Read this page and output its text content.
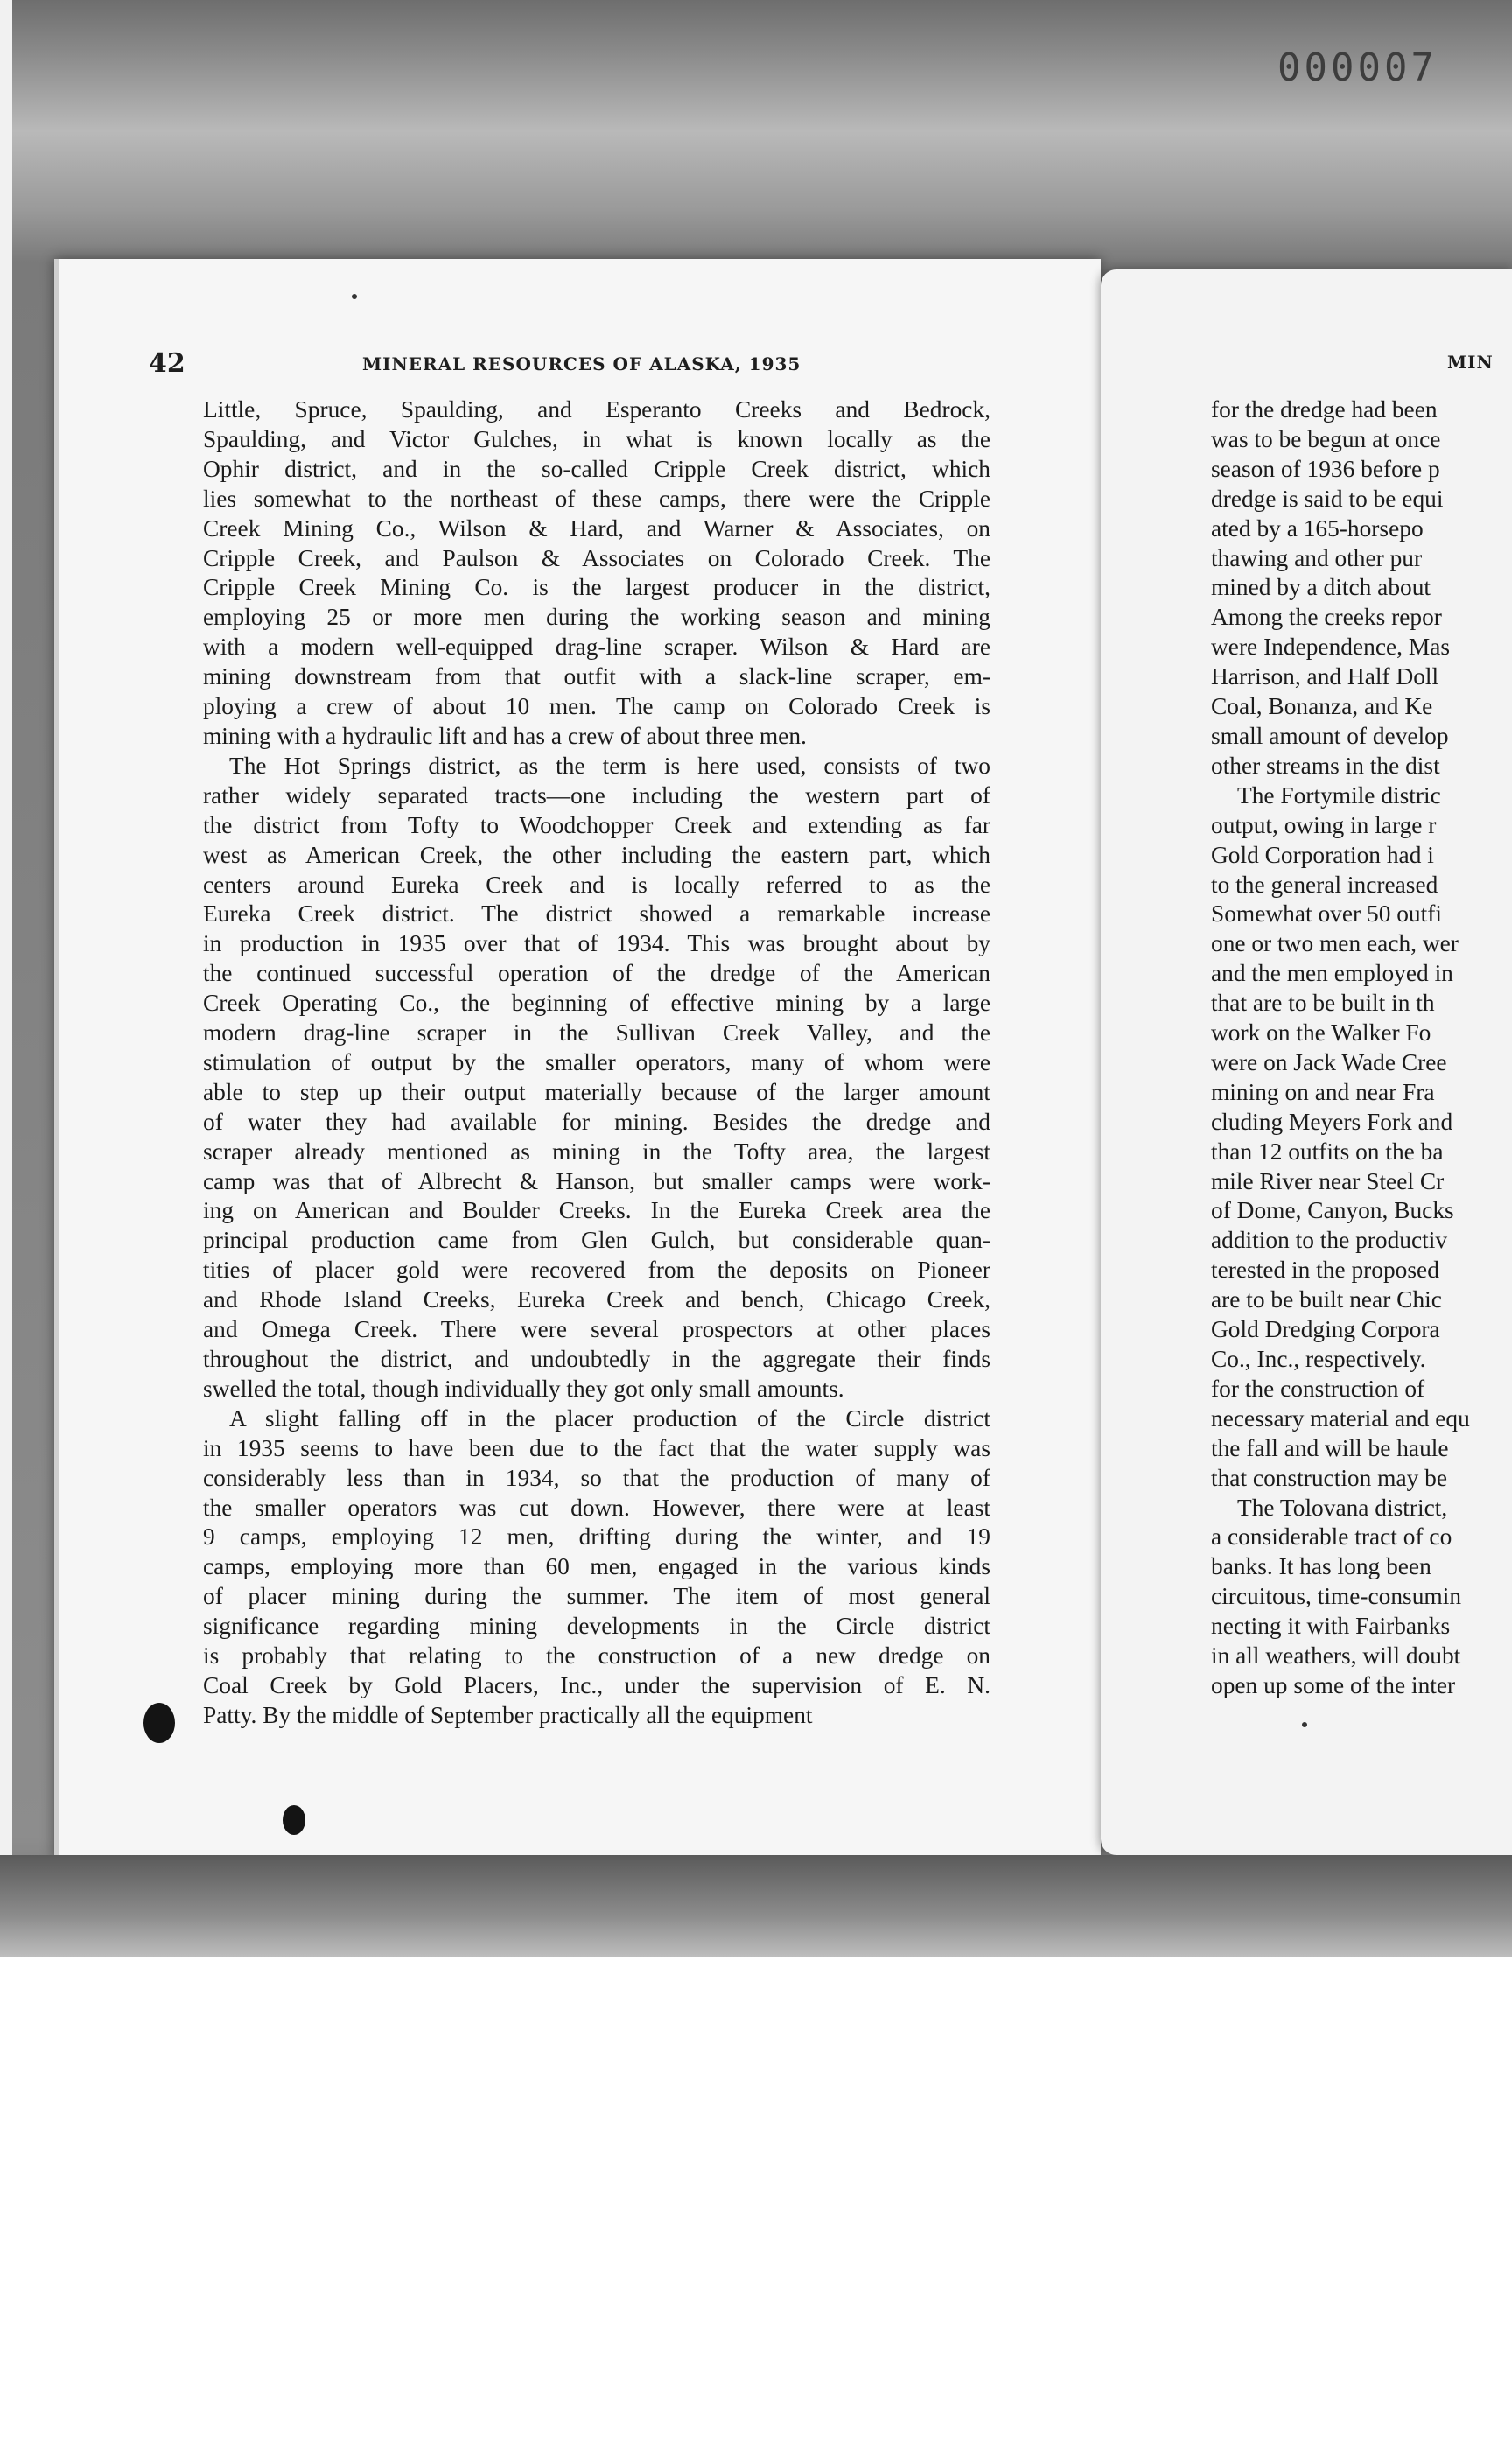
000007
42	MINERAL RESOURCES OF ALASKA, 1935
Little, Spruce, Spaulding, and Esperanto Creeks and Bedrock,
Spaulding, and Victor Gulches, in what is known locally as the
Ophir district, and in the so-called Cripple Creek district, which
lies somewhat to the northeast of these camps, there were the Cripple
Creek Mining Co., Wilson & Hard, and Warner & Associates, on
Cripple Creek, and Paulson & Associates on Colorado Creek. The
Cripple Creek Mining Co. is the largest producer in the district,
employing 25 or more men during the working season and mining
with a modern well-equipped drag-line scraper. Wilson & Hard are
mining downstream from that outfit with a slack-line scraper, em-
ploying a crew of about 10 men. The camp on Colorado Creek is
mining with a hydraulic lift and has a crew of about three men.
The Hot Springs district, as the term is here used, consists of two
rather widely separated tracts—one including the western part of
the district from Tofty to Woodchopper Creek and extending as far
west as American Creek, the other including the eastern part, which
centers around Eureka Creek and is locally referred to as the
Eureka Creek district. The district showed a remarkable increase
in production in 1935 over that of 1934. This was brought about by
the continued successful operation of the dredge of the American
Creek Operating Co., the beginning of effective mining by a large
modern drag-line scraper in the Sullivan Creek Valley, and the
stimulation of output by the smaller operators, many of whom were
able to step up their output materially because of the larger amount
of water they had available for mining. Besides the dredge and
scraper already mentioned as mining in the Tofty area, the largest
camp was that of Albrecht & Hanson, but smaller camps were work-
ing on American and Boulder Creeks. In the Eureka Creek area the
principal production came from Glen Gulch, but considerable quan-
tities of placer gold were recovered from the deposits on Pioneer
and Rhode Island Creeks, Eureka Creek and bench, Chicago Creek,
and Omega Creek. There were several prospectors at other places
throughout the district, and undoubtedly in the aggregate their finds
swelled the total, though individually they got only small amounts.
A slight falling off in the placer production of the Circle district
in 1935 seems to have been due to the fact that the water supply was
considerably less than in 1934, so that the production of many of
the smaller operators was cut down. However, there were at least
9 camps, employing 12 men, drifting during the winter, and 19
camps, employing more than 60 men, engaged in the various kinds
of placer mining during the summer. The item of most general
significance regarding mining developments in the Circle district
is probably that relating to the construction of a new dredge on
Coal Creek by Gold Placers, Inc., under the supervision of E. N.
Patty. By the middle of September practically all the equipment
MIN
for the dredge had been
was to be begun at once
season of 1936 before p
dredge is said to be equi
ated by a 165-horsepo
thawing and other pur
mined by a ditch about
Among the creeks repor
were Independence, Mas
Harrison, and Half Doll
Coal, Bonanza, and Ke
small amount of develop
other streams in the dist
The Fortymile distric
output, owing in large r
Gold Corporation had i
to the general increased
Somewhat over 50 outfi
one or two men each, wer
and the men employed in
that are to be built in th
work on the Walker Fo
were on Jack Wade Cree
mining on and near Fra
cluding Meyers Fork and
than 12 outfits on the ba
mile River near Steel Cr
of Dome, Canyon, Bucks
addition to the productiv
terested in the proposed
are to be built near Chic
Gold Dredging Corpora
Co., Inc., respectively.
for the construction of
necessary material and equ
the fall and will be haule
that construction may be
The Tolovana district,
a considerable tract of co
banks. It has long been
circuitous, time-consumin
necting it with Fairbanks
in all weathers, will doubt
open up some of the inter
